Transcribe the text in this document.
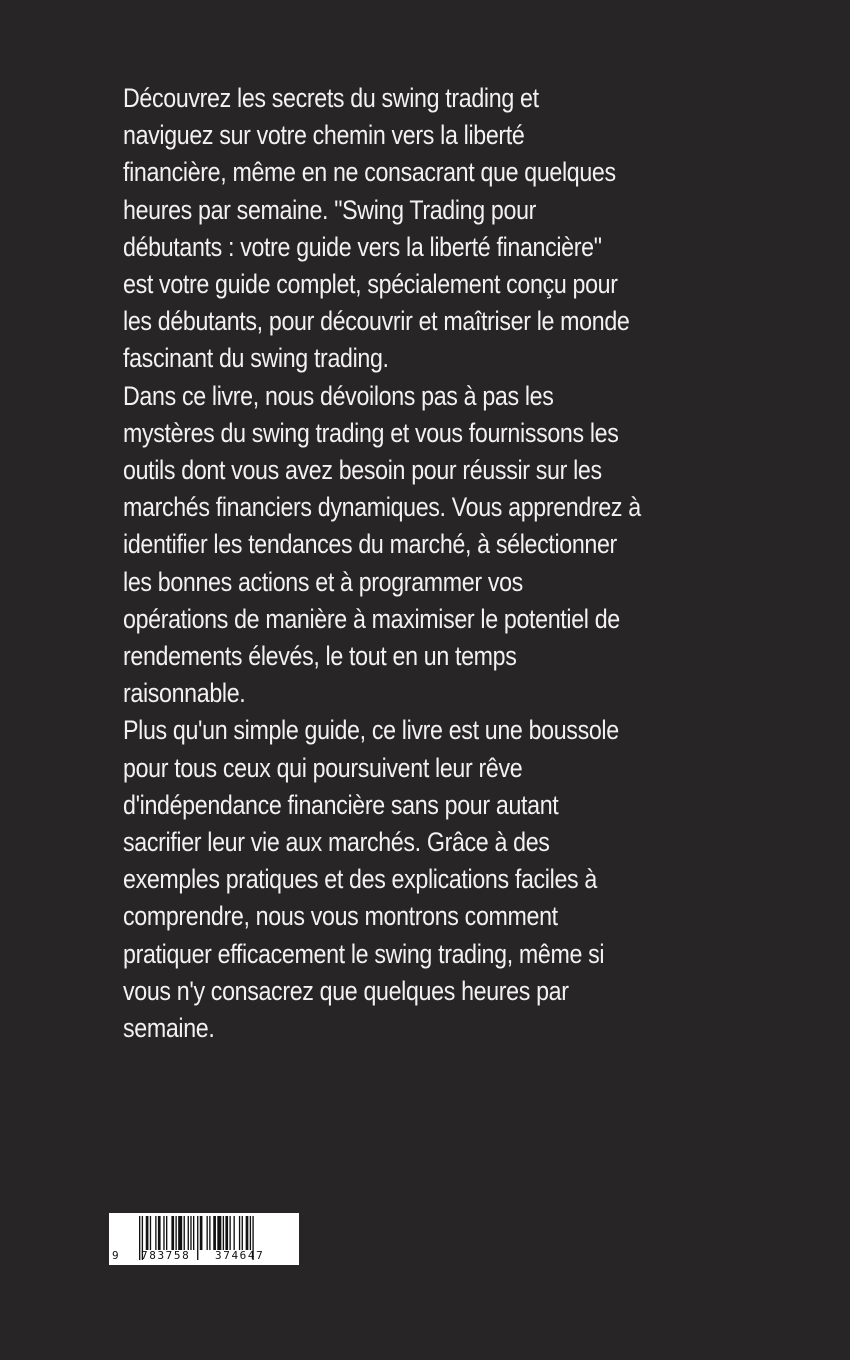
Découvrez les secrets du swing trading et
naviguez sur votre chemin vers la liberté
financière, même en ne consacrant que quelques
heures par semaine. "Swing Trading pour
débutants : votre guide vers la liberté financière"
est votre guide complet, spécialement conçu pour
les débutants, pour découvrir et maîtriser le monde
fascinant du swing trading.
Dans ce livre, nous dévoilons pas à pas les
mystères du swing trading et vous fournissons les
outils dont vous avez besoin pour réussir sur les
marchés financiers dynamiques. Vous apprendrez à
identifier les tendances du marché, à sélectionner
les bonnes actions et à programmer vos
opérations de manière à maximiser le potentiel de
rendements élevés, le tout en un temps
raisonnable.
Plus qu'un simple guide, ce livre est une boussole
pour tous ceux qui poursuivent leur rêve
d'indépendance financière sans pour autant
sacrifier leur vie aux marchés. Grâce à des
exemples pratiques et des explications faciles à
comprendre, nous vous montrons comment
pratiquer efficacement le swing trading, même si
vous n'y consacrez que quelques heures par
semaine.
9 783758 374647
